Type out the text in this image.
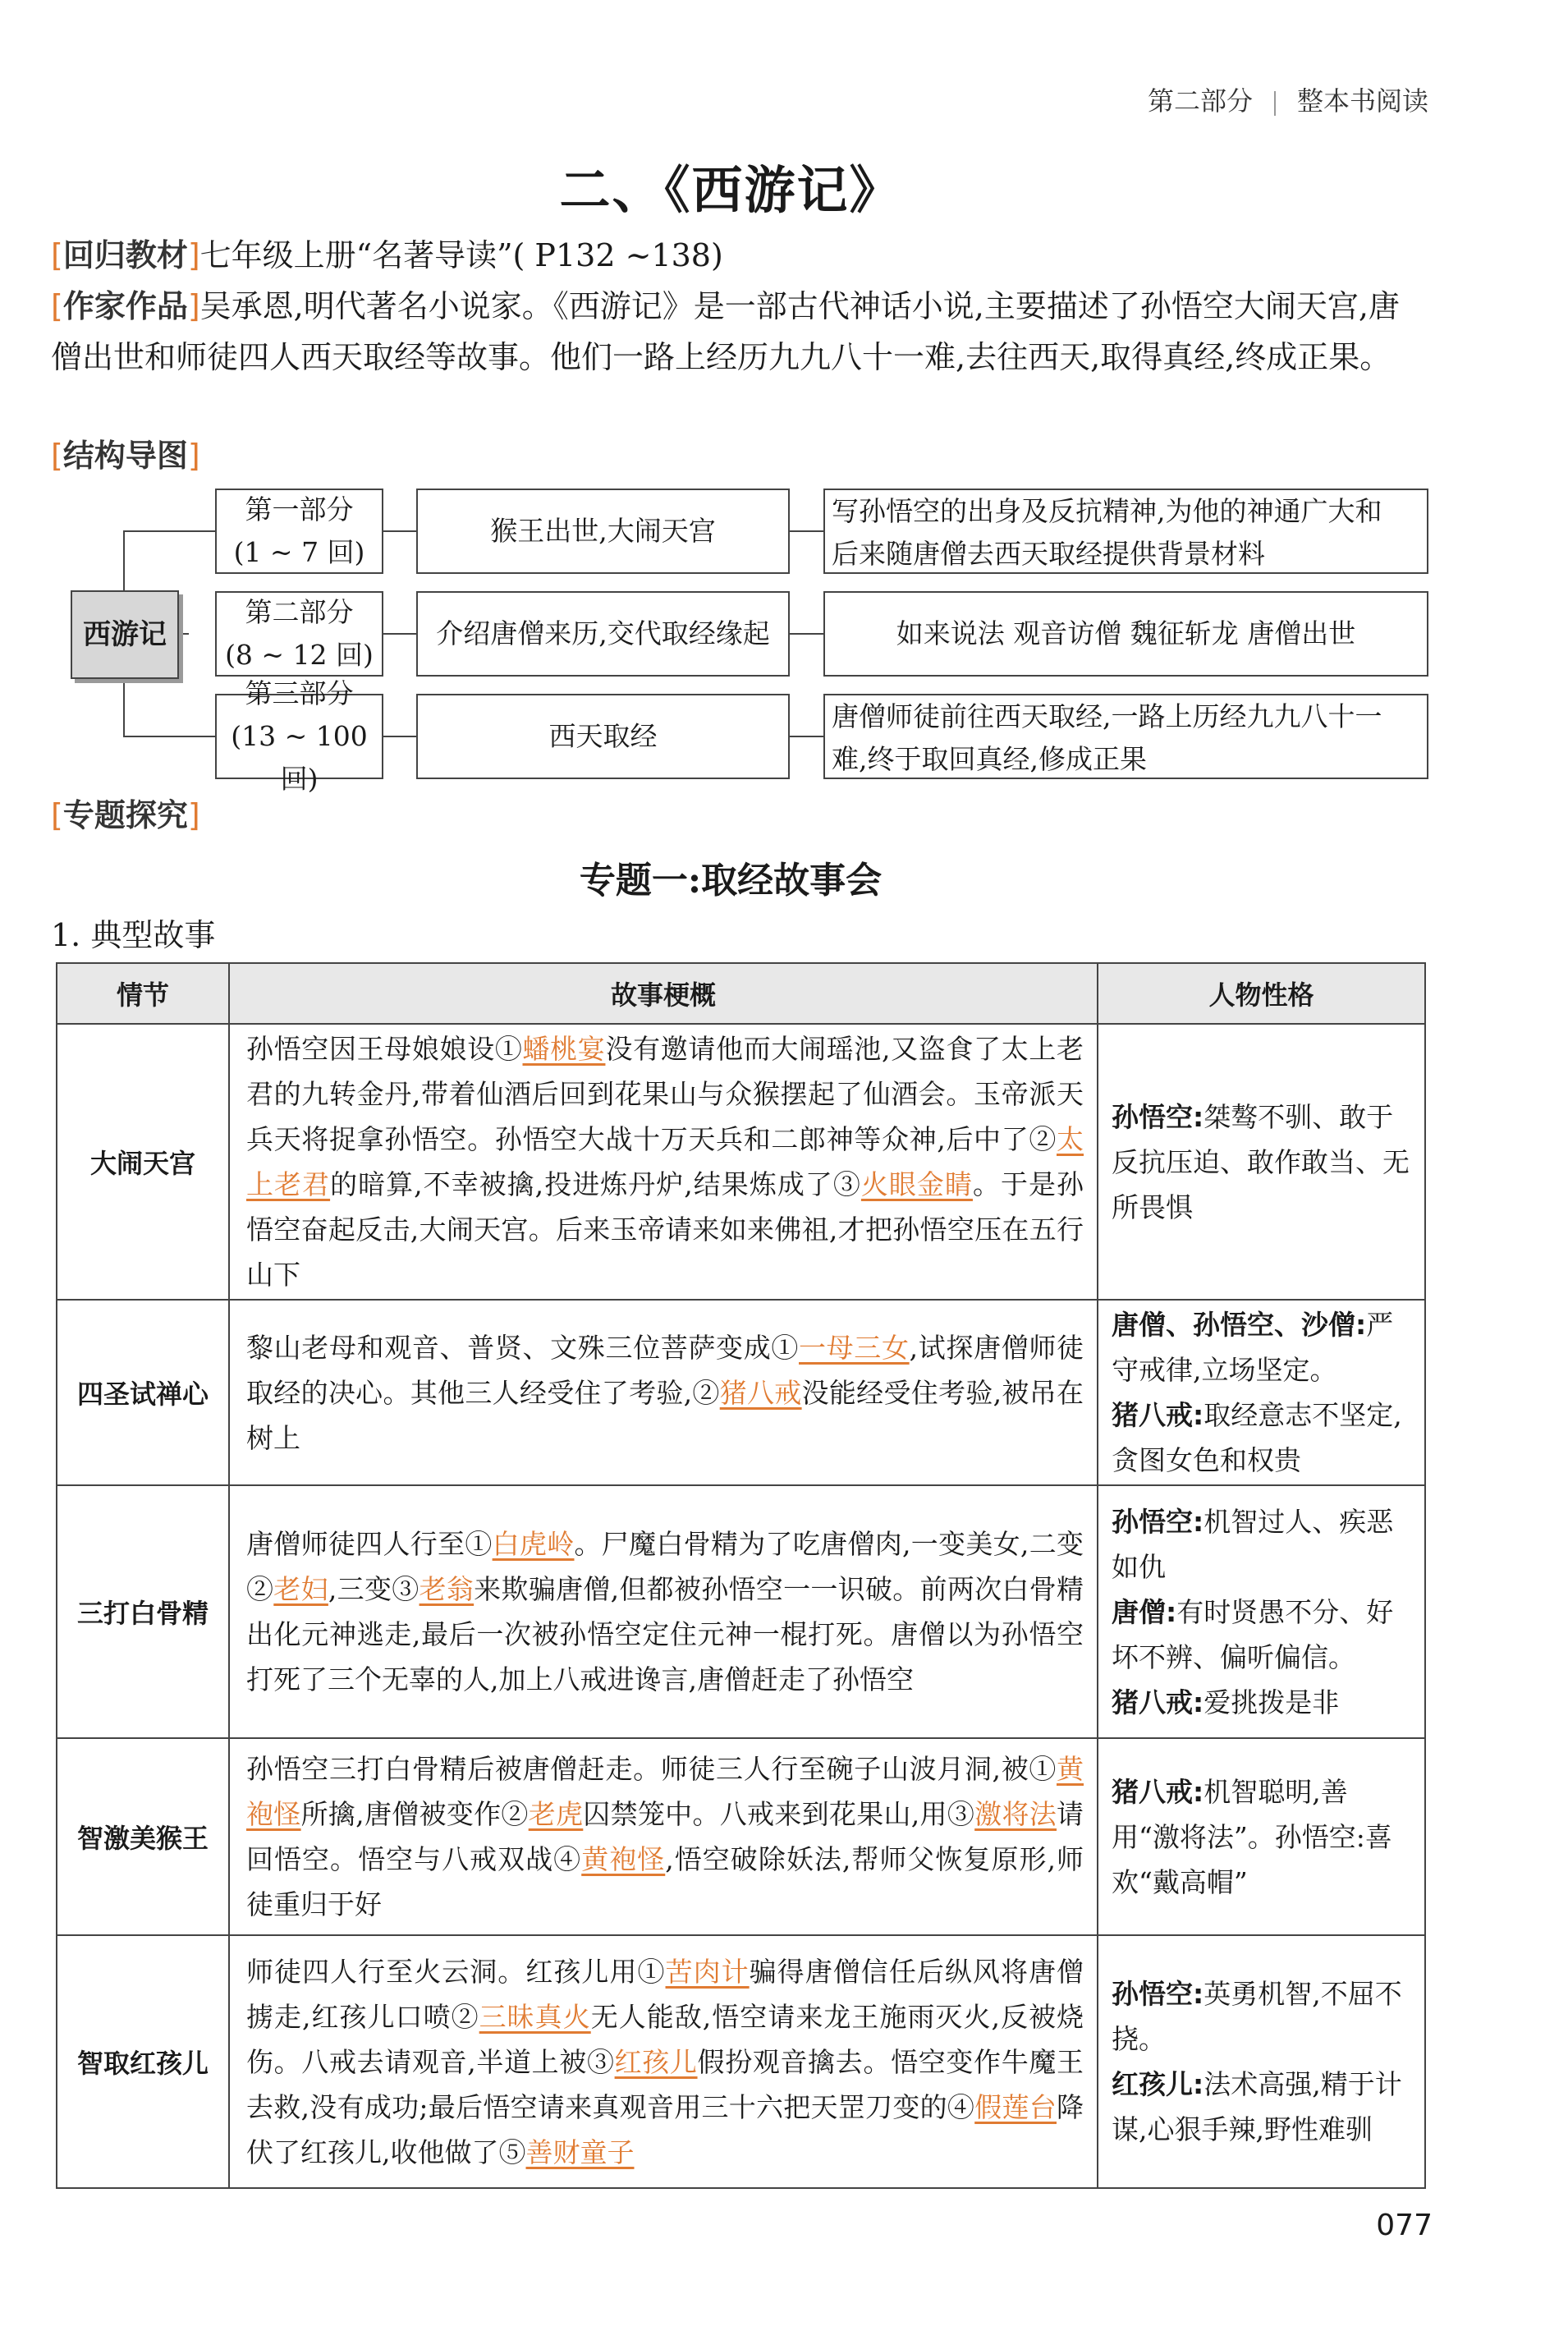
第二部分 整本书阅读
二、《西游记》
[回归教材]七年级上册“名著导读”( P132 ~138)
[作家作品]吴承恩,明代著名小说家。《西游记》是一部古代神话小说,主要描述了孙悟空大闹天宫,唐僧出世和师徒四人西天取经等故事。他们一路上经历九九八十一难,去往西天,取得真经,终成正果。
[结构导图]
西游记
第一部分
(1 ~ 7 回)
猴王出世,大闹天宫
写孙悟空的出身及反抗精神,为他的神通广大和
后来随唐僧去西天取经提供背景材料
第二部分
(8 ~ 12 回)
介绍唐僧来历,交代取经缘起	如来说法 观音访僧 魏征斩龙 唐僧出世
第三部分
(13 ~ 100 回)
西天取经
唐僧师徒前往西天取经,一路上历经九九八十一
难,终于取回真经,修成正果
[专题探究]
专题一:取经故事会
1. 典型故事
情节	故事梗概	人物性格
大闹天宫	孙悟空因王母娘娘设①蟠桃宴没有邀请他而大闹瑶池,又盗食了太上老君的九转金丹,带着仙酒后回到花果山与众猴摆起了仙酒会。玉帝派天兵天将捉拿孙悟空。孙悟空大战十万天兵和二郎神等众神,后中了②太上老君的暗算,不幸被擒,投进炼丹炉,结果炼成了③火眼金睛。于是孙悟空奋起反击,大闹天宫。后来玉帝请来如来佛祖,才把孙悟空压在五行山下	孙悟空:桀骜不驯、敢于反抗压迫、敢作敢当、无所畏惧
四圣试禅心	黎山老母和观音、普贤、文殊三位菩萨变成①一母三女,试探唐僧师徒取经的决心。其他三人经受住了考验,②猪八戒没能经受住考验,被吊在树上	唐僧、孙悟空、沙僧:严守戒律,立场坚定。
猪八戒:取经意志不坚定,贪图女色和权贵
三打白骨精	唐僧师徒四人行至①白虎岭。尸魔白骨精为了吃唐僧肉,一变美女,二变②老妇,三变③老翁来欺骗唐僧,但都被孙悟空一一识破。前两次白骨精出化元神逃走,最后一次被孙悟空定住元神一棍打死。唐僧以为孙悟空打死了三个无辜的人,加上八戒进谗言,唐僧赶走了孙悟空	孙悟空:机智过人、疾恶如仇
唐僧:有时贤愚不分、好坏不辨、偏听偏信。
猪八戒:爱挑拨是非
智激美猴王	孙悟空三打白骨精后被唐僧赶走。师徒三人行至碗子山波月洞,被①黄袍怪所擒,唐僧被变作②老虎囚禁笼中。八戒来到花果山,用③激将法请回悟空。悟空与八戒双战④黄袍怪,悟空破除妖法,帮师父恢复原形,师徒重归于好	猪八戒:机智聪明,善用“激将法”。孙悟空:喜欢“戴高帽”
智取红孩儿	师徒四人行至火云洞。红孩儿用①苦肉计骗得唐僧信任后纵风将唐僧掳走,红孩儿口喷②三昧真火无人能敌,悟空请来龙王施雨灭火,反被烧伤。八戒去请观音,半道上被③红孩儿假扮观音擒去。悟空变作牛魔王去救,没有成功;最后悟空请来真观音用三十六把天罡刀变的④假莲台降伏了红孩儿,收他做了⑤善财童子	孙悟空:英勇机智,不屈不挠。
红孩儿:法术高强,精于计谋,心狠手辣,野性难驯
077
